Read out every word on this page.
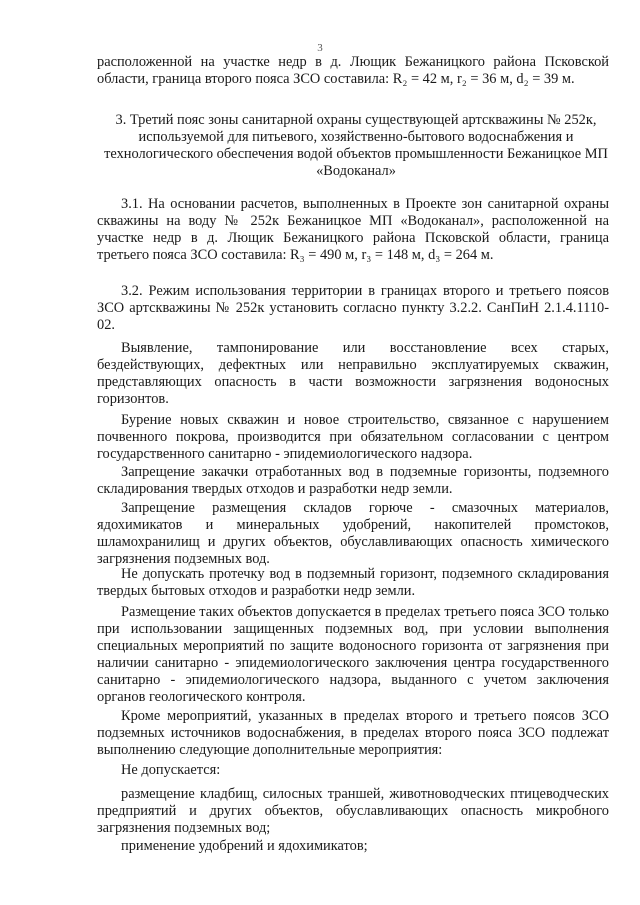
3
расположенной на участке недр в д. Лющик Бежаницкого района Псковской области, граница второго пояса ЗСО составила: R₂ = 42 м, r₂ = 36 м, d₂ = 39 м.
3. Третий пояс зоны санитарной охраны существующей артскважины № 252к, используемой для питьевого, хозяйственно-бытового водоснабжения и технологического обеспечения водой объектов промышленности Бежаницкое МП «Водоканал»
3.1. На основании расчетов, выполненных в Проекте зон санитарной охраны скважины на воду № 252к Бежаницкое МП «Водоканал», расположенной на участке недр в д. Лющик Бежаницкого района Псковской области, граница третьего пояса ЗСО составила: R₃ = 490 м, r₃ = 148 м, d₃ = 264 м.
3.2. Режим использования территории в границах второго и третьего поясов ЗСО артскважины № 252к установить согласно пункту 3.2.2. СанПиН 2.1.4.1110-02.
Выявление, тампонирование или восстановление всех старых, бездействующих, дефектных или неправильно эксплуатируемых скважин, представляющих опасность в части возможности загрязнения водоносных горизонтов.
Бурение новых скважин и новое строительство, связанное с нарушением почвенного покрова, производится при обязательном согласовании с центром государственного санитарно - эпидемиологического надзора.
Запрещение закачки отработанных вод в подземные горизонты, подземного складирования твердых отходов и разработки недр земли.
Запрещение размещения складов горюче - смазочных материалов, ядохимикатов и минеральных удобрений, накопителей промстоков, шламохранилищ и других объектов, обуславливающих опасность химического загрязнения подземных вод.
Не допускать протечку вод в подземный горизонт, подземного складирования твердых бытовых отходов и разработки недр земли.
Размещение таких объектов допускается в пределах третьего пояса ЗСО только при использовании защищенных подземных вод, при условии выполнения специальных мероприятий по защите водоносного горизонта от загрязнения при наличии санитарно - эпидемиологического заключения центра государственного санитарно - эпидемиологического надзора, выданного с учетом заключения органов геологического контроля.
Кроме мероприятий, указанных в пределах второго и третьего поясов ЗСО подземных источников водоснабжения, в пределах второго пояса ЗСО подлежат выполнению следующие дополнительные мероприятия:
Не допускается:
размещение кладбищ, силосных траншей, животноводческих птицеводческих предприятий и других объектов, обуславливающих опасность микробного загрязнения подземных вод;
применение удобрений и ядохимикатов;
